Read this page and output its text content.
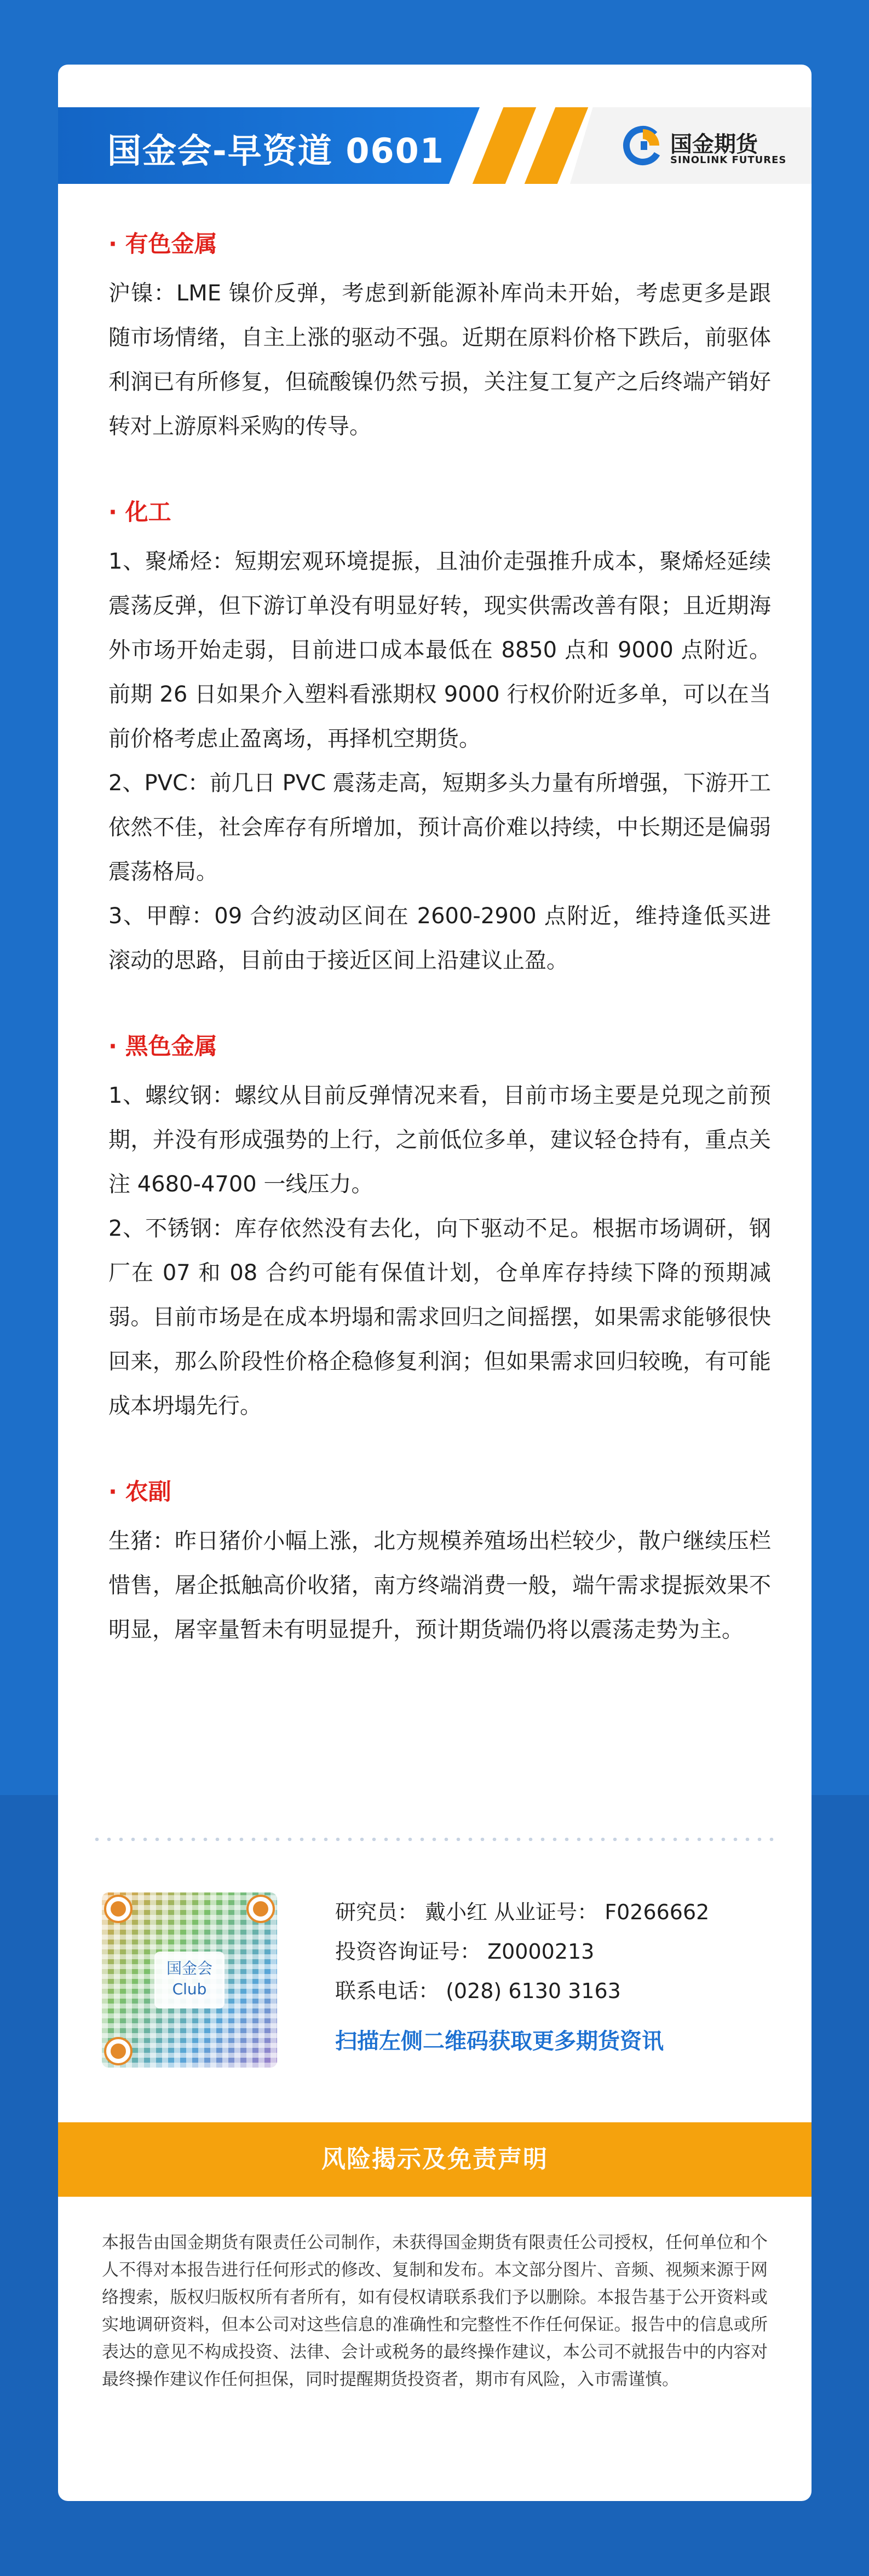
国金会-早资道 0601	国金期货
SINOLINK FUTURES
· 有色金属

沪镍：LME 镍价反弹，考虑到新能源补库尚未开始，考虑更多是跟随市场情绪，自主上涨的驱动不强。近期在原料价格下跌后，前驱体利润已有所修复，但硫酸镍仍然亏损，关注复工复产之后终端产销好转对上游原料采购的传导。

· 化工

1、聚烯烃：短期宏观环境提振，且油价走强推升成本，聚烯烃延续震荡反弹，但下游订单没有明显好转，现实供需改善有限；且近期海外市场开始走弱，目前进口成本最低在 8850 点和 9000 点附近。前期 26 日如果介入塑料看涨期权 9000 行权价附近多单，可以在当前价格考虑止盈离场，再择机空期货。

2、PVC：前几日 PVC 震荡走高，短期多头力量有所增强，下游开工依然不佳，社会库存有所增加，预计高价难以持续，中长期还是偏弱震荡格局。

3、甲醇：09 合约波动区间在 2600-2900 点附近，维持逢低买进滚动的思路，目前由于接近区间上沿建议止盈。

· 黑色金属

1、螺纹钢：螺纹从目前反弹情况来看，目前市场主要是兑现之前预期，并没有形成强势的上行，之前低位多单，建议轻仓持有，重点关注 4680-4700 一线压力。

2、不锈钢：库存依然没有去化，向下驱动不足。根据市场调研，钢厂在 07 和 08 合约可能有保值计划，仓单库存持续下降的预期减弱。目前市场是在成本坍塌和需求回归之间摇摆，如果需求能够很快回来，那么阶段性价格企稳修复利润；但如果需求回归较晚，有可能成本坍塌先行。

· 农副

生猪：昨日猪价小幅上涨，北方规模养殖场出栏较少，散户继续压栏惜售，屠企抵触高价收猪，南方终端消费一般，端午需求提振效果不明显，屠宰量暂未有明显提升，预计期货端仍将以震荡走势为主。

国金会
Club
研究员： 戴小红 从业证号： F0266662
投资咨询证号： Z0000213
联系电话： (028) 6130 3163
扫描左侧二维码获取更多期货资讯
风险揭示及免责声明

本报告由国金期货有限责任公司制作，未获得国金期货有限责任公司授权，任何单位和个人不得对本报告进行任何形式的修改、复制和发布。本文部分图片、音频、视频来源于网络搜索，版权归版权所有者所有，如有侵权请联系我们予以删除。本报告基于公开资料或实地调研资料，但本公司对这些信息的准确性和完整性不作任何保证。报告中的信息或所表达的意见不构成投资、法律、会计或税务的最终操作建议，本公司不就报告中的内容对最终操作建议作任何担保，同时提醒期货投资者，期市有风险，入市需谨慎。
